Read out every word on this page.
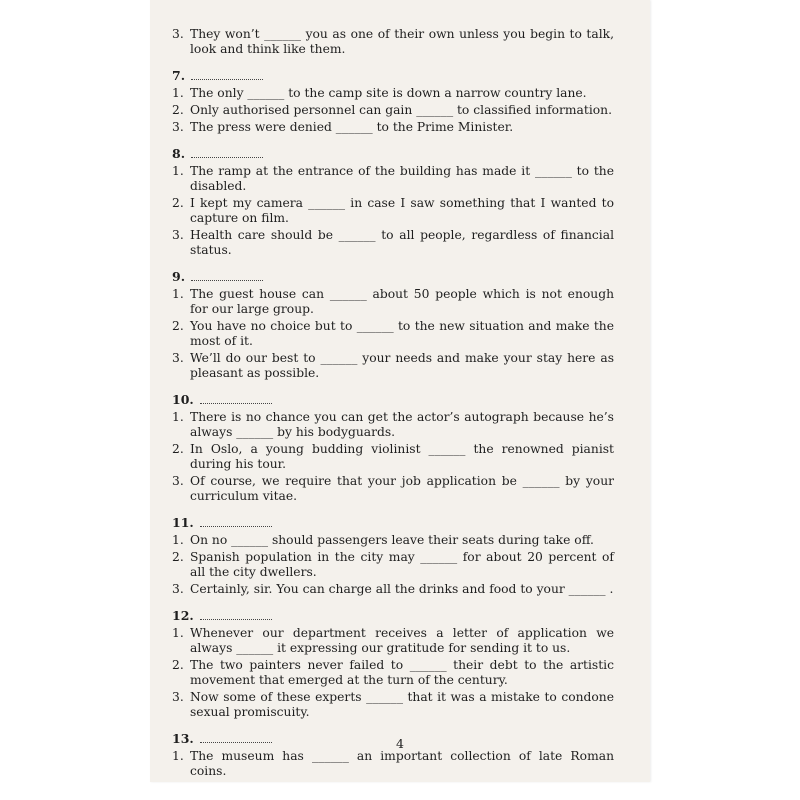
3. They won’t ______ you as one of their own unless you begin to talk, look and think like them.
7.
1. The only ______ to the camp site is down a narrow country lane.
2. Only authorised personnel can gain ______ to classified information.
3. The press were denied ______ to the Prime Minister.
8.
1. The ramp at the entrance of the building has made it ______ to the disabled.
2. I kept my camera ______ in case I saw something that I wanted to capture on film.
3. Health care should be ______ to all people, regardless of financial status.
9.
1. The guest house can ______ about 50 people which is not enough for our large group.
2. You have no choice but to ______ to the new situation and make the most of it.
3. We’ll do our best to ______ your needs and make your stay here as pleasant as possible.
10.
1. There is no chance you can get the actor’s autograph because he’s always ______ by his bodyguards.
2. In Oslo, a young budding violinist ______ the renowned pianist during his tour.
3. Of course, we require that your job application be ______ by your curriculum vitae.
11.
1. On no ______ should passengers leave their seats during take off.
2. Spanish population in the city may ______ for about 20 percent of all the city dwellers.
3. Certainly, sir. You can charge all the drinks and food to your ______ .
12.
1. Whenever our department receives a letter of application we always ______ it expressing our gratitude for sending it to us.
2. The two painters never failed to ______ their debt to the artistic movement that emerged at the turn of the century.
3. Now some of these experts ______ that it was a mistake to condone sexual promiscuity.
13.
1. The museum has ______ an important collection of late Roman coins.
4
